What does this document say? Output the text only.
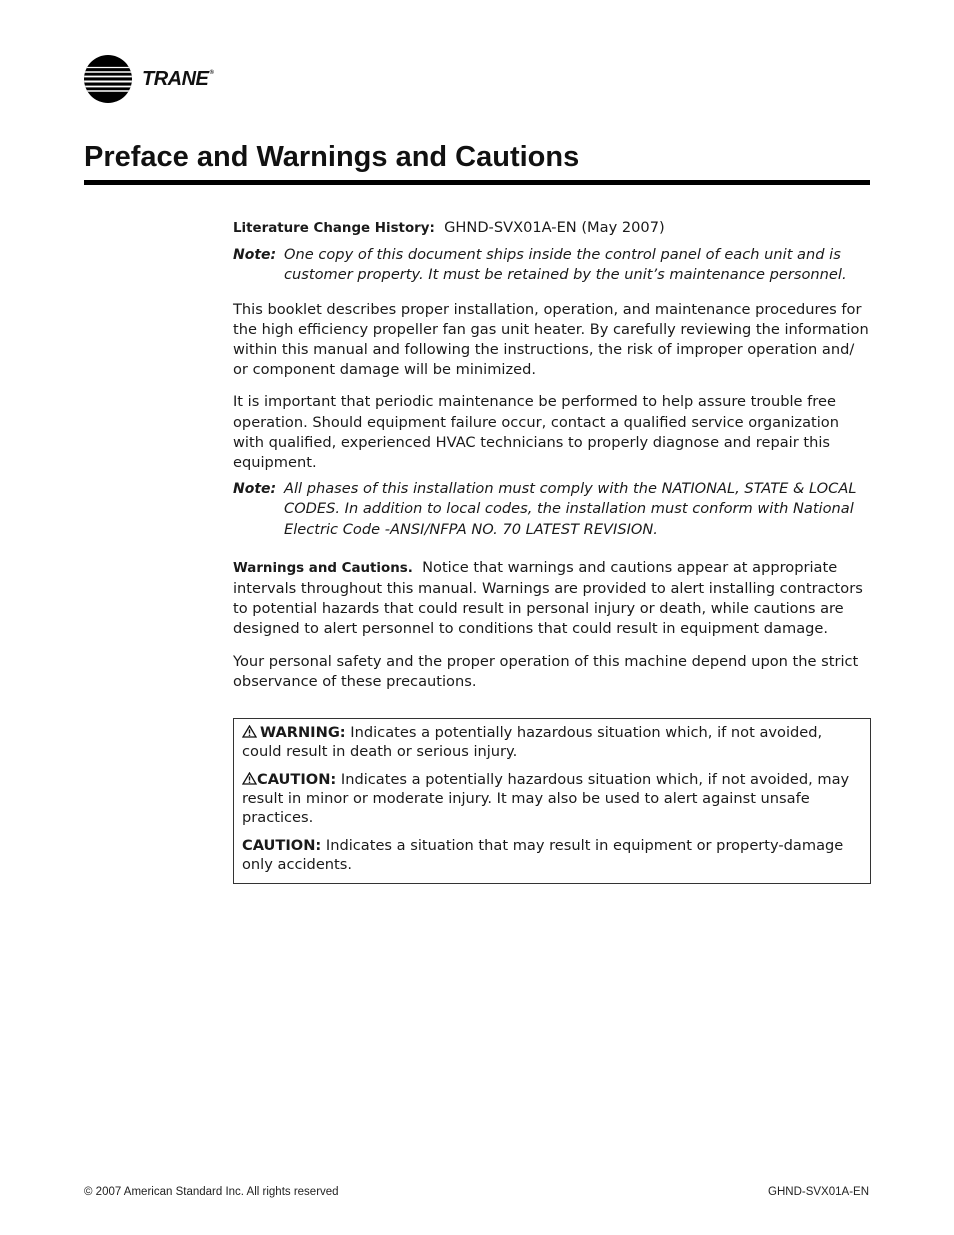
TRANE ®
Preface and Warnings and Cautions

Literature Change History: GHND-SVX01A-EN (May 2007)

Note: One copy of this document ships inside the control panel of each unit and is customer property. It must be retained by the unit’s maintenance personnel.

This booklet describes proper installation, operation, and maintenance procedures for the high efficiency propeller fan gas unit heater. By carefully reviewing the information within this manual and following the instructions, the risk of improper operation and/ or component damage will be minimized.

It is important that periodic maintenance be performed to help assure trouble free operation. Should equipment failure occur, contact a qualified service organization with qualified, experienced HVAC technicians to properly diagnose and repair this equipment.

Note: All phases of this installation must comply with the NATIONAL, STATE & LOCAL CODES. In addition to local codes, the installation must conform with National Electric Code -ANSI/NFPA NO. 70 LATEST REVISION.

Warnings and Cautions. Notice that warnings and cautions appear at appropriate intervals throughout this manual. Warnings are provided to alert installing contractors to potential hazards that could result in personal injury or death, while cautions are designed to alert personnel to conditions that could result in equipment damage.

Your personal safety and the proper operation of this machine depend upon the strict observance of these precautions.

WARNING: Indicates a potentially hazardous situation which, if not avoided, could result in death or serious injury.

CAUTION: Indicates a potentially hazardous situation which, if not avoided, may result in minor or moderate injury. It may also be used to alert against unsafe practices.

CAUTION: Indicates a situation that may result in equipment or property-damage only accidents.

© 2007 American Standard Inc. All rights reserved	GHND-SVX01A-EN
